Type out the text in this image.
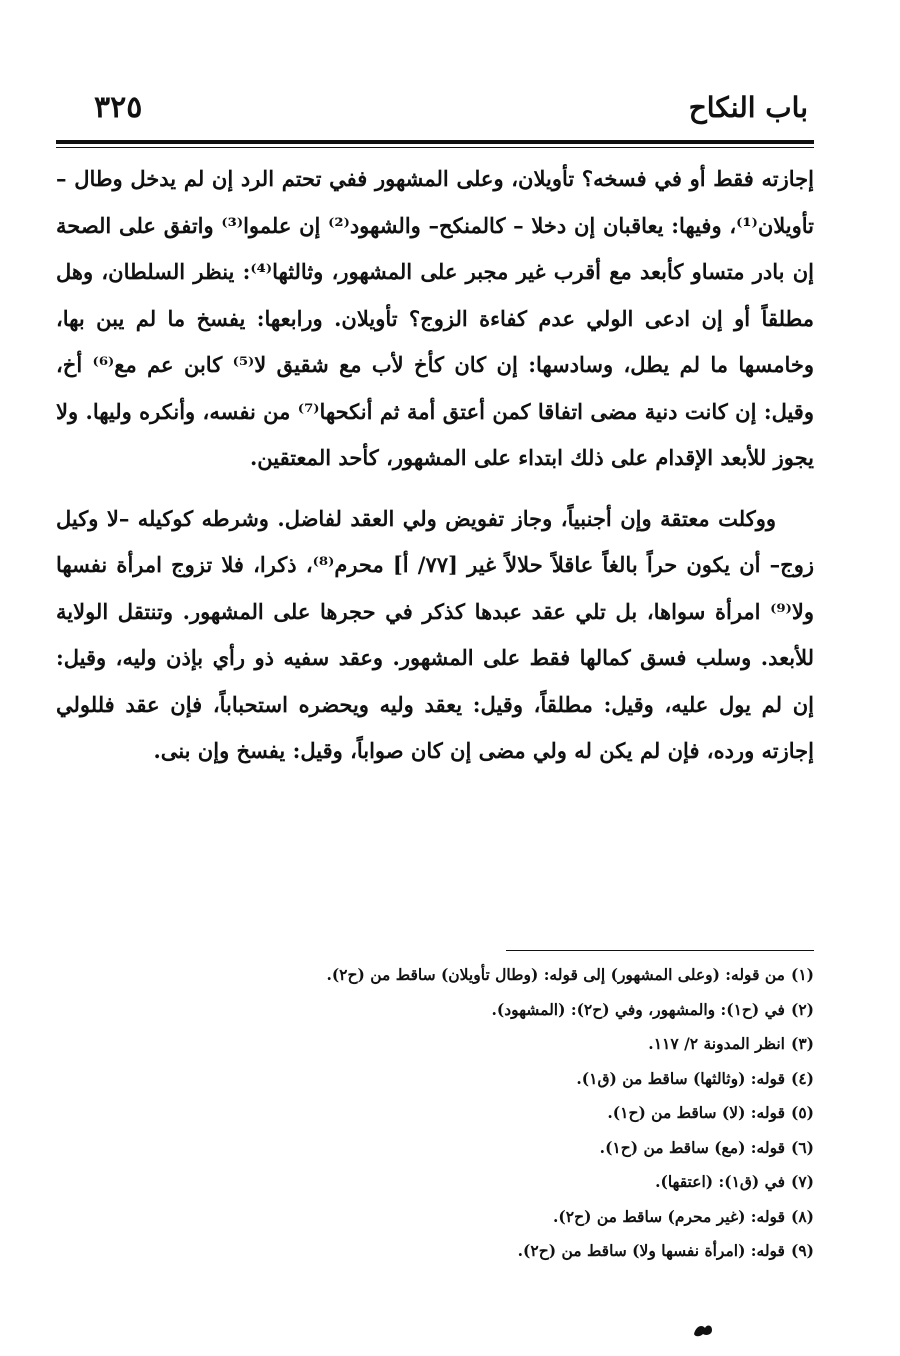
باب النكاح
٣٢٥

إجازته فقط أو في فسخه؟ تأويلان، وعلى المشهور ففي تحتم الرد إن لم يدخل وطال – تأويلان⁽¹⁾، وفيها: يعاقبان إن دخلا – كالمنكح– والشهود⁽²⁾ إن علموا⁽³⁾ واتفق على الصحة إن بادر متساو كأبعد مع أقرب غير مجبر على المشهور، وثالثها⁽⁴⁾: ينظر السلطان، وهل مطلقاً أو إن ادعى الولي عدم كفاءة الزوج؟ تأويلان. ورابعها: يفسخ ما لم يبن بها، وخامسها ما لم يطل، وسادسها: إن كان كأخ لأب مع شقيق لا⁽⁵⁾ كابن عم مع⁽⁶⁾ أخ، وقيل: إن كانت دنية مضى اتفاقا كمن أعتق أمة ثم أنكحها⁽⁷⁾ من نفسه، وأنكره وليها. ولا يجوز للأبعد الإقدام على ذلك ابتداء على المشهور، كأحد المعتقين.

ووكلت معتقة وإن أجنبياً، وجاز تفويض ولي العقد لفاضل. وشرطه كوكيله –لا وكيل زوج– أن يكون حراً بالغاً عاقلاً حلالاً غير [٧٧/ أ] محرم⁽⁸⁾، ذكرا، فلا تزوج امرأة نفسها ولا⁽⁹⁾ امرأة سواها، بل تلي عقد عبدها كذكر في حجرها على المشهور. وتنتقل الولاية للأبعد. وسلب فسق كمالها فقط على المشهور. وعقد سفيه ذو رأي بإذن وليه، وقيل: إن لم يول عليه، وقيل: مطلقاً، وقيل: يعقد وليه ويحضره استحباباً، فإن عقد فللولي إجازته ورده، فإن لم يكن له ولي مضى إن كان صواباً، وقيل: يفسخ وإن بنى.

(١)من قوله: (وعلى المشهور) إلى قوله: (وطال تأويلان) ساقط من (ح٢).
(٢)في (ح١): والمشهور، وفي (ح٢): (المشهود).
(٣)انظر المدونة ٢/ ١١٧.
(٤)قوله: (وثالثها) ساقط من (ق١).
(٥)قوله: (لا) ساقط من (ح١).
(٦)قوله: (مع) ساقط من (ح١).
(٧)في (ق١): (اعتقها).
(٨)قوله: (غير محرم) ساقط من (ح٢).
(٩)قوله: (امرأة نفسها ولا) ساقط من (ح٢).
